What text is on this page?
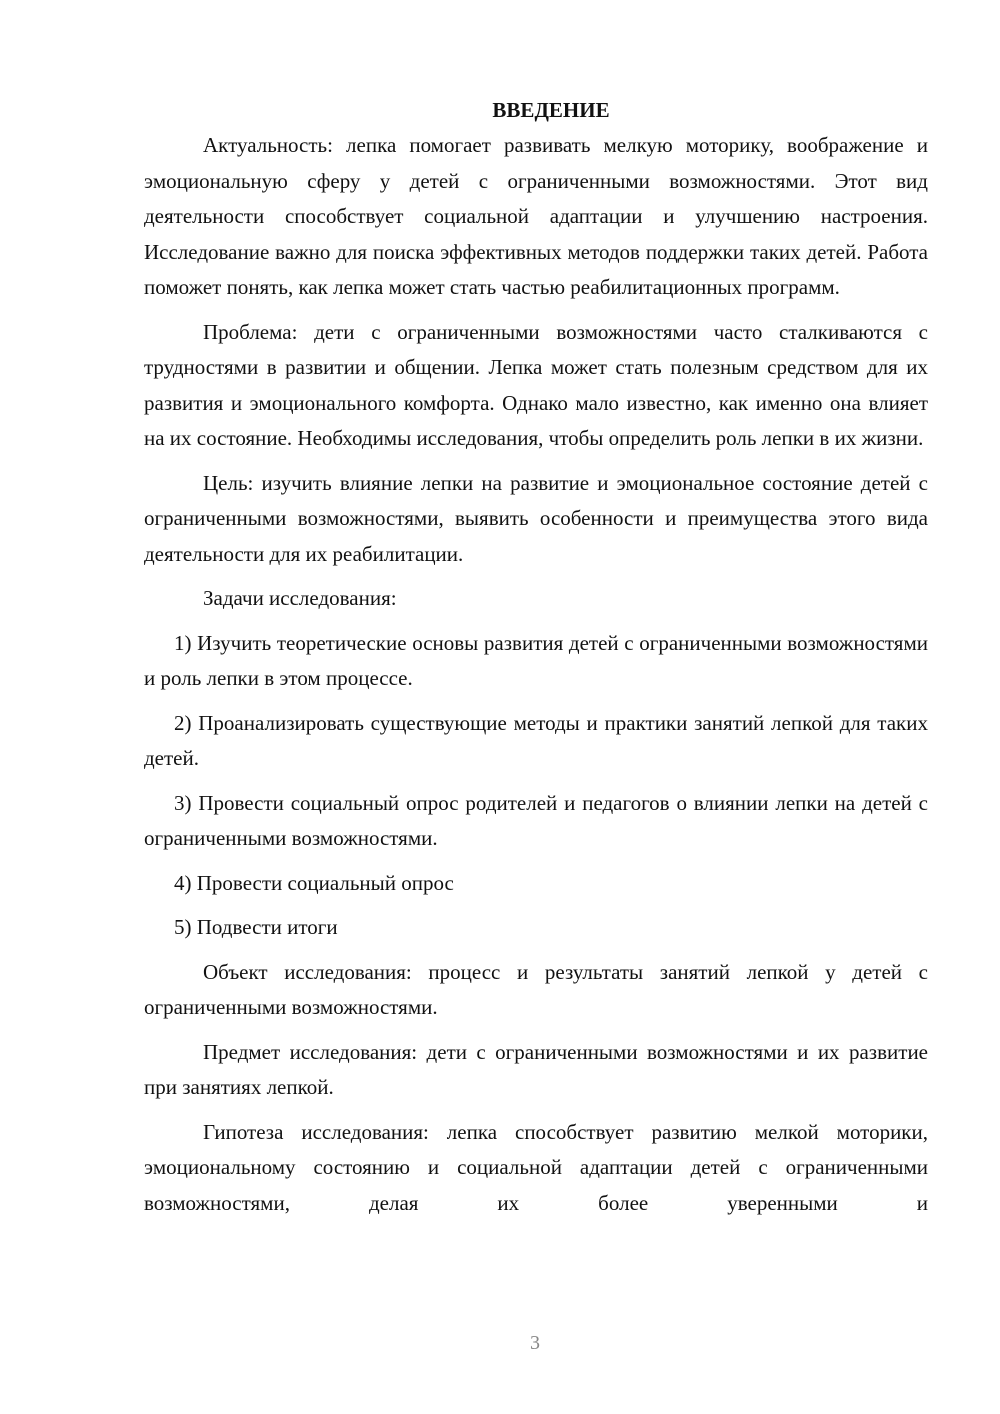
ВВЕДЕНИЕ

Актуальность: лепка помогает развивать мелкую моторику, воображение и эмоциональную сферу у детей с ограниченными возможностями. Этот вид деятельности способствует социальной адаптации и улучшению настроения. Исследование важно для поиска эффективных методов поддержки таких детей. Работа поможет понять, как лепка может стать частью реабилитационных программ.

Проблема: дети с ограниченными возможностями часто сталкиваются с трудностями в развитии и общении. Лепка может стать полезным средством для их развития и эмоционального комфорта. Однако мало известно, как именно она влияет на их состояние. Необходимы исследования, чтобы определить роль лепки в их жизни.

Цель: изучить влияние лепки на развитие и эмоциональное состояние детей с ограниченными возможностями, выявить особенности и преимущества этого вида деятельности для их реабилитации.

Задачи исследования:

1) Изучить теоретические основы развития детей с ограниченными возможностями и роль лепки в этом процессе.

2) Проанализировать существующие методы и практики занятий лепкой для таких детей.

3) Провести социальный опрос родителей и педагогов о влиянии лепки на детей с ограниченными возможностями.

4) Провести социальный опрос

5) Подвести итоги

Объект исследования: процесс и результаты занятий лепкой у детей с ограниченными возможностями.

Предмет исследования: дети с ограниченными возможностями и их развитие при занятиях лепкой.

Гипотеза исследования: лепка способствует развитию мелкой моторики, эмоциональному состоянию и социальной адаптации детей с ограниченными возможностями, делая их более уверенными и

3
